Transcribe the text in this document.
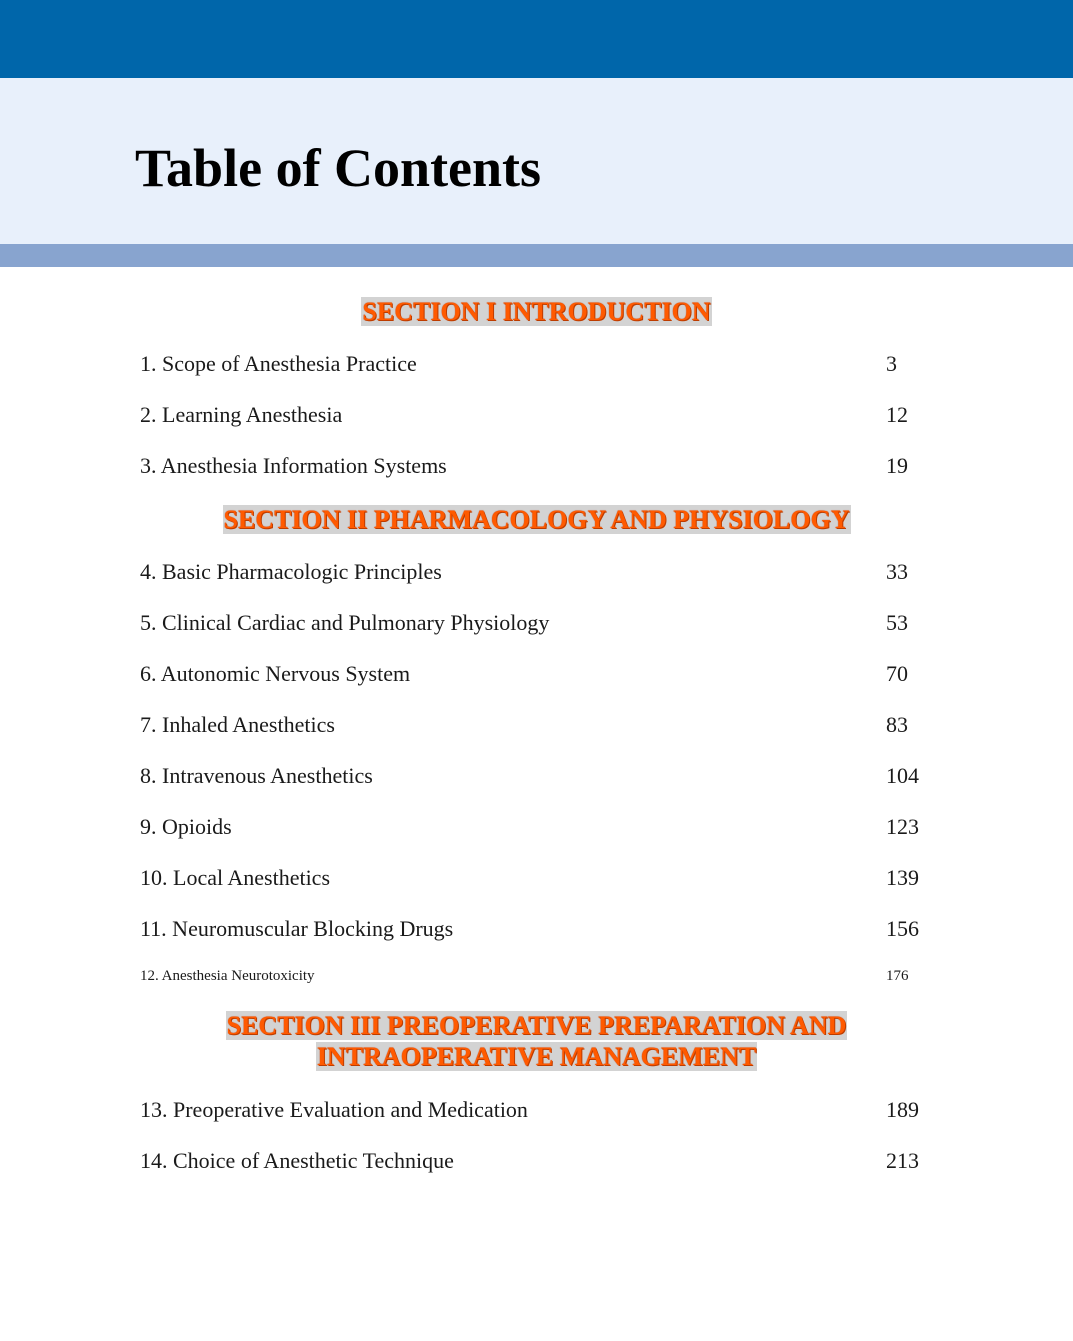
Table of Contents
SECTION I INTRODUCTION
1. Scope of Anesthesia Practice	3
2. Learning Anesthesia	12
3. Anesthesia Information Systems	19
SECTION II PHARMACOLOGY AND PHYSIOLOGY
4. Basic Pharmacologic Principles	33
5. Clinical Cardiac and Pulmonary Physiology	53
6. Autonomic Nervous System	70
7. Inhaled Anesthetics	83
8. Intravenous Anesthetics	104
9. Opioids	123
10. Local Anesthetics	139
11. Neuromuscular Blocking Drugs	156
12. Anesthesia Neurotoxicity	176
SECTION III PREOPERATIVE PREPARATION AND
INTRAOPERATIVE MANAGEMENT
13. Preoperative Evaluation and Medication	189
14. Choice of Anesthetic Technique	213
